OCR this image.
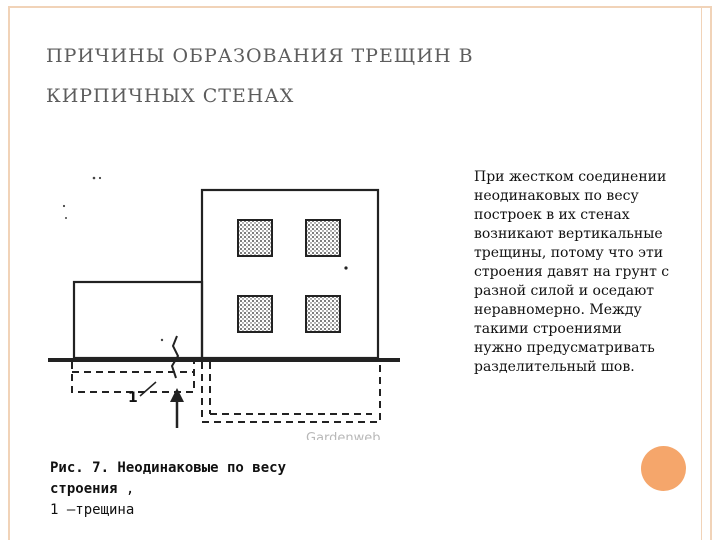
ПРИЧИНЫ ОБРАЗОВАНИЯ ТРЕЩИН В
КИРПИЧНЫХ СТЕНАХ
1
Gardenweb
Рис. 7. Неодинаковые по весу строения ,
1 —трещина
При жестком соединении неодинаковых по весу построек в их стенах возникают вертикальные трещины, потому что эти строения давят на грунт с разной силой и оседают неравномерно. Между такими строениями нужно предусматривать разделительный шов.
